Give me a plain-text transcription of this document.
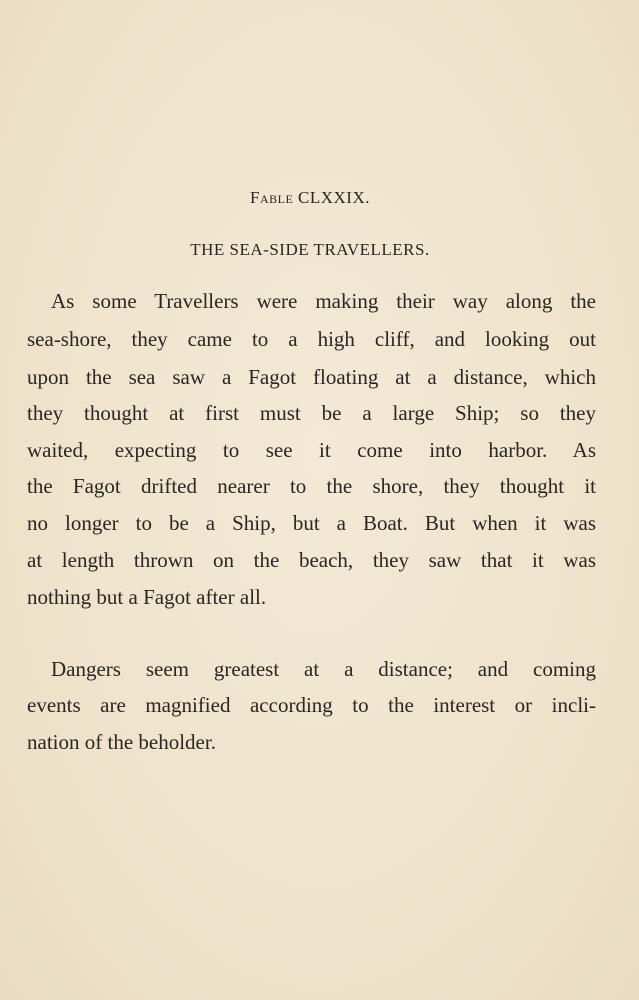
Fable CLXXIX.
THE SEA-SIDE TRAVELLERS.
As some Travellers were making their way along the
sea-shore, they came to a high cliff, and looking out
upon the sea saw a Fagot floating at a distance, which
they thought at first must be a large Ship; so they
waited, expecting to see it come into harbor. As
the Fagot drifted nearer to the shore, they thought it
no longer to be a Ship, but a Boat. But when it was
at length thrown on the beach, they saw that it was
nothing but a Fagot after all.
Dangers seem greatest at a distance; and coming
events are magnified according to the interest or incli-
nation of the beholder.
